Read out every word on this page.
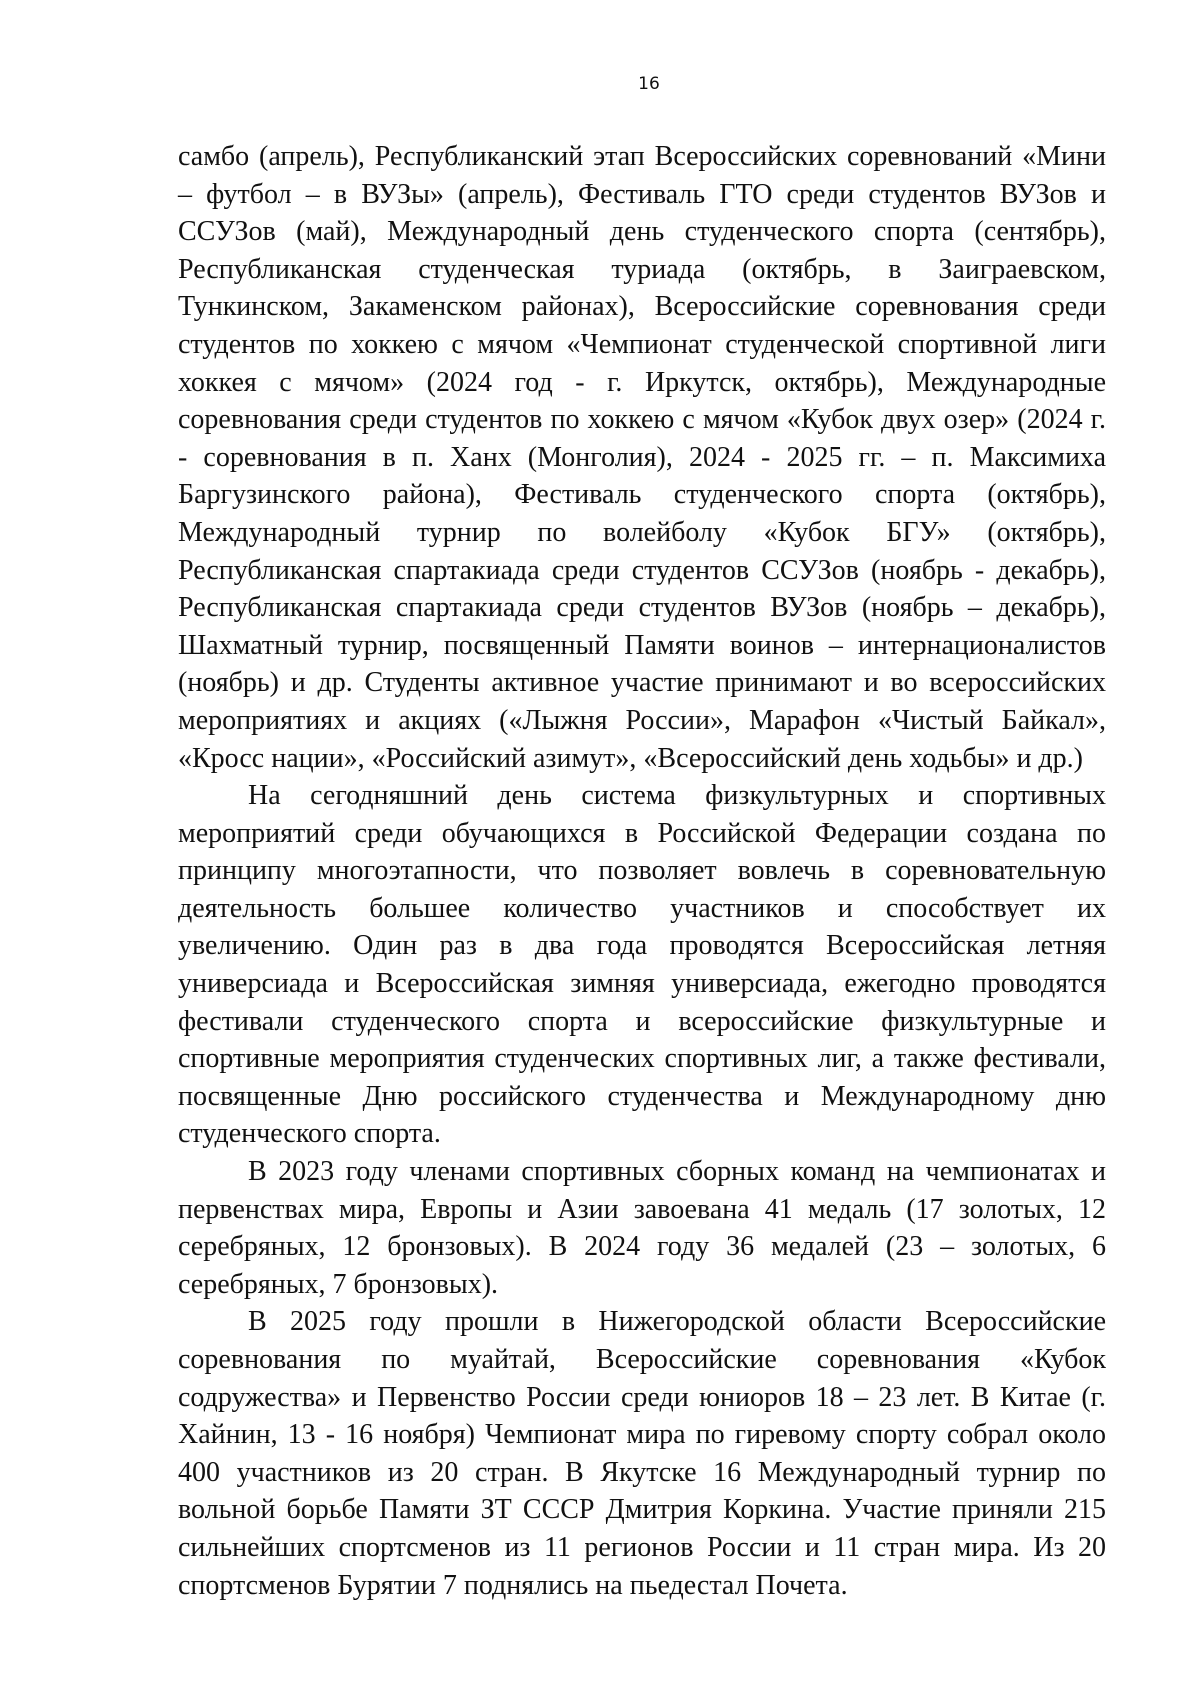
16

самбо (апрель), Республиканский этап Всероссийских соревнований «Мини – футбол – в ВУЗы» (апрель), Фестиваль ГТО среди студентов ВУЗов и ССУЗов (май), Международный день студенческого спорта (сентябрь), Республиканская студенческая туриада (октябрь, в Заиграевском, Тункинском, Закаменском районах), Всероссийские соревнования среди студентов по хоккею с мячом «Чемпионат студенческой спортивной лиги хоккея с мячом» (2024 год - г. Иркутск, октябрь), Международные соревнования среди студентов по хоккею с мячом «Кубок двух озер» (2024 г. - соревнования в п. Ханх (Монголия), 2024 - 2025 гг. – п. Максимиха Баргузинского района), Фестиваль студенческого спорта (октябрь), Международный турнир по волейболу «Кубок БГУ» (октябрь), Республиканская спартакиада среди студентов ССУЗов (ноябрь - декабрь), Республиканская спартакиада среди студентов ВУЗов (ноябрь – декабрь), Шахматный турнир, посвященный Памяти воинов – интернационалистов (ноябрь) и др. Студенты активное участие принимают и во всероссийских мероприятиях и акциях («Лыжня России», Марафон «Чистый Байкал», «Кросс нации», «Российский азимут», «Всероссийский день ходьбы» и др.)

На сегодняшний день система физкультурных и спортивных мероприятий среди обучающихся в Российской Федерации создана по принципу многоэтапности, что позволяет вовлечь в соревновательную деятельность большее количество участников и способствует их увеличению. Один раз в два года проводятся Всероссийская летняя универсиада и Всероссийская зимняя универсиада, ежегодно проводятся фестивали студенческого спорта и всероссийские физкультурные и спортивные мероприятия студенческих спортивных лиг, а также фестивали, посвященные Дню российского студенчества и Международному дню студенческого спорта.

В 2023 году членами спортивных сборных команд на чемпионатах и первенствах мира, Европы и Азии завоевана 41 медаль (17 золотых, 12 серебряных, 12 бронзовых). В 2024 году 36 медалей (23 – золотых, 6 серебряных, 7 бронзовых).

В 2025 году прошли в Нижегородской области Всероссийские соревнования по муайтай, Всероссийские соревнования «Кубок содружества» и Первенство России среди юниоров 18 – 23 лет. В Китае (г. Хайнин, 13 - 16 ноября) Чемпионат мира по гиревому спорту собрал около 400 участников из 20 стран. В Якутске 16 Международный турнир по вольной борьбе Памяти ЗТ СССР Дмитрия Коркина. Участие приняли 215 сильнейших спортсменов из 11 регионов России и 11 стран мира. Из 20 спортсменов Бурятии 7 поднялись на пьедестал Почета.
